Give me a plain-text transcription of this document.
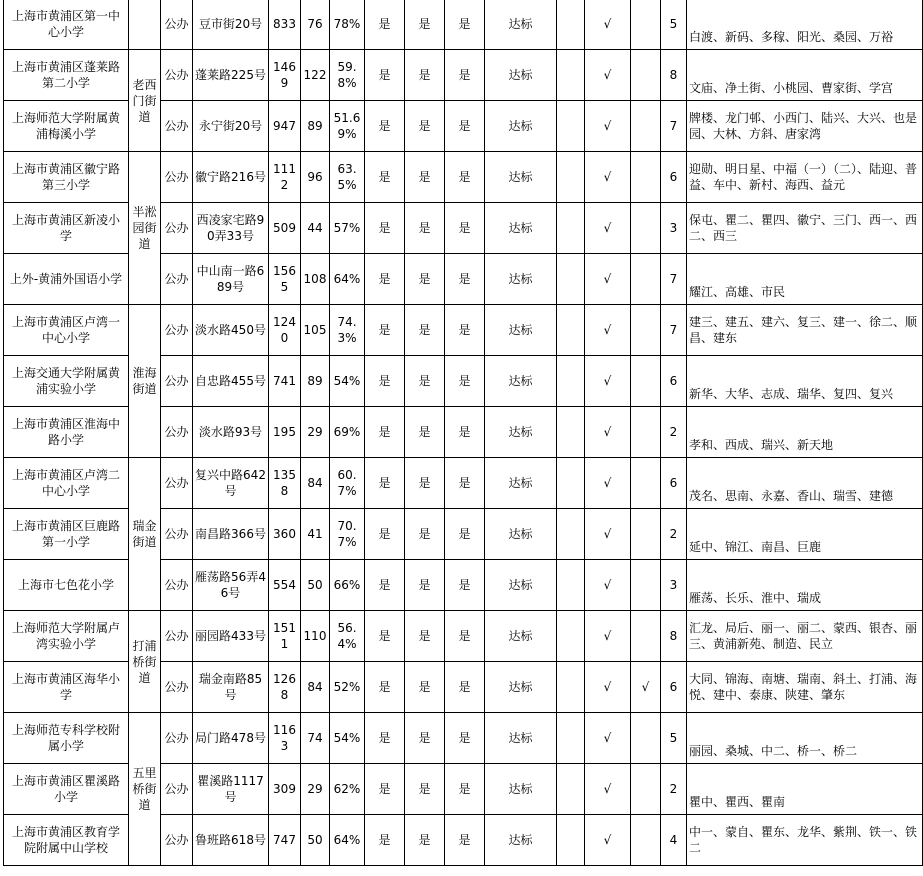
上海市黄浦区第一中心小学		公办	豆市街20号	833	76	78%	是	是	是	达标		√		5	白渡、新码、多稼、阳光、桑园、万裕
上海市黄浦区蓬莱路第二小学	老西门街道	公办	蓬莱路225号	1469	122	59.8%	是	是	是	达标		√		8	文庙、净土街、小桃园、曹家街、学宫
上海师范大学附属黄浦梅溪小学		公办	永宁街20号	947	89	51.69%	是	是	是	达标		√		7	牌楼、龙门邨、小西门、陆兴、大兴、也是园、大林、方斜、唐家湾
上海市黄浦区徽宁路第三小学	半淞园街道	公办	徽宁路216号	1112	96	63.5%	是	是	是	达标		√		6	迎勋、明日星、中福（一）（二）、陆迎、普益、车中、新村、海西、益元
上海市黄浦区新凌小学		公办	西凌家宅路90弄33号	509	44	57%	是	是	是	达标		√		3	保屯、瞿二、瞿四、徽宁、三门、西一、西二、西三
上外-黄浦外国语小学		公办	中山南一路689号	1565	108	64%	是	是	是	达标		√		7	耀江、高雄、市民
上海市黄浦区卢湾一中心小学	淮海街道	公办	淡水路450号	1240	105	74.3%	是	是	是	达标		√		7	建三、建五、建六、复三、建一、徐二、顺昌、建东
上海交通大学附属黄浦实验小学		公办	自忠路455号	741	89	54%	是	是	是	达标		√		6	新华、大华、志成、瑞华、复四、复兴
上海市黄浦区淮海中路小学		公办	淡水路93号	195	29	69%	是	是	是	达标		√		2	孝和、西成、瑞兴、新天地
上海市黄浦区卢湾二中心小学	瑞金街道	公办	复兴中路642号	1358	84	60.7%	是	是	是	达标		√		6	茂名、思南、永嘉、香山、瑞雪、建德
上海市黄浦区巨鹿路第一小学		公办	南昌路366号	360	41	70.7%	是	是	是	达标		√		2	延中、锦江、南昌、巨鹿
上海市七色花小学		公办	雁荡路56弄46号	554	50	66%	是	是	是	达标		√		3	雁荡、长乐、淮中、瑞成
上海师范大学附属卢湾实验小学	打浦桥街道	公办	丽园路433号	1511	110	56.4%	是	是	是	达标		√		8	汇龙、局后、丽一、丽二、蒙西、银杏、丽三、黄浦新苑、制造、民立
上海市黄浦区海华小学		公办	瑞金南路85号	1268	84	52%	是	是	是	达标		√	√	6	大同、锦海、南塘、瑞南、斜土、打浦、海悦、建中、泰康、陕建、肇东
上海师范专科学校附属小学	五里桥街道	公办	局门路478号	1163	74	54%	是	是	是	达标		√		5	丽园、桑城、中二、桥一、桥二
上海市黄浦区瞿溪路小学		公办	瞿溪路1117号	309	29	62%	是	是	是	达标		√		2	瞿中、瞿西、瞿南
上海市黄浦区教育学院附属中山学校		公办	鲁班路618号	747	50	64%	是	是	是	达标		√		4	中一、蒙自、瞿东、龙华、紫荆、铁一、铁二
